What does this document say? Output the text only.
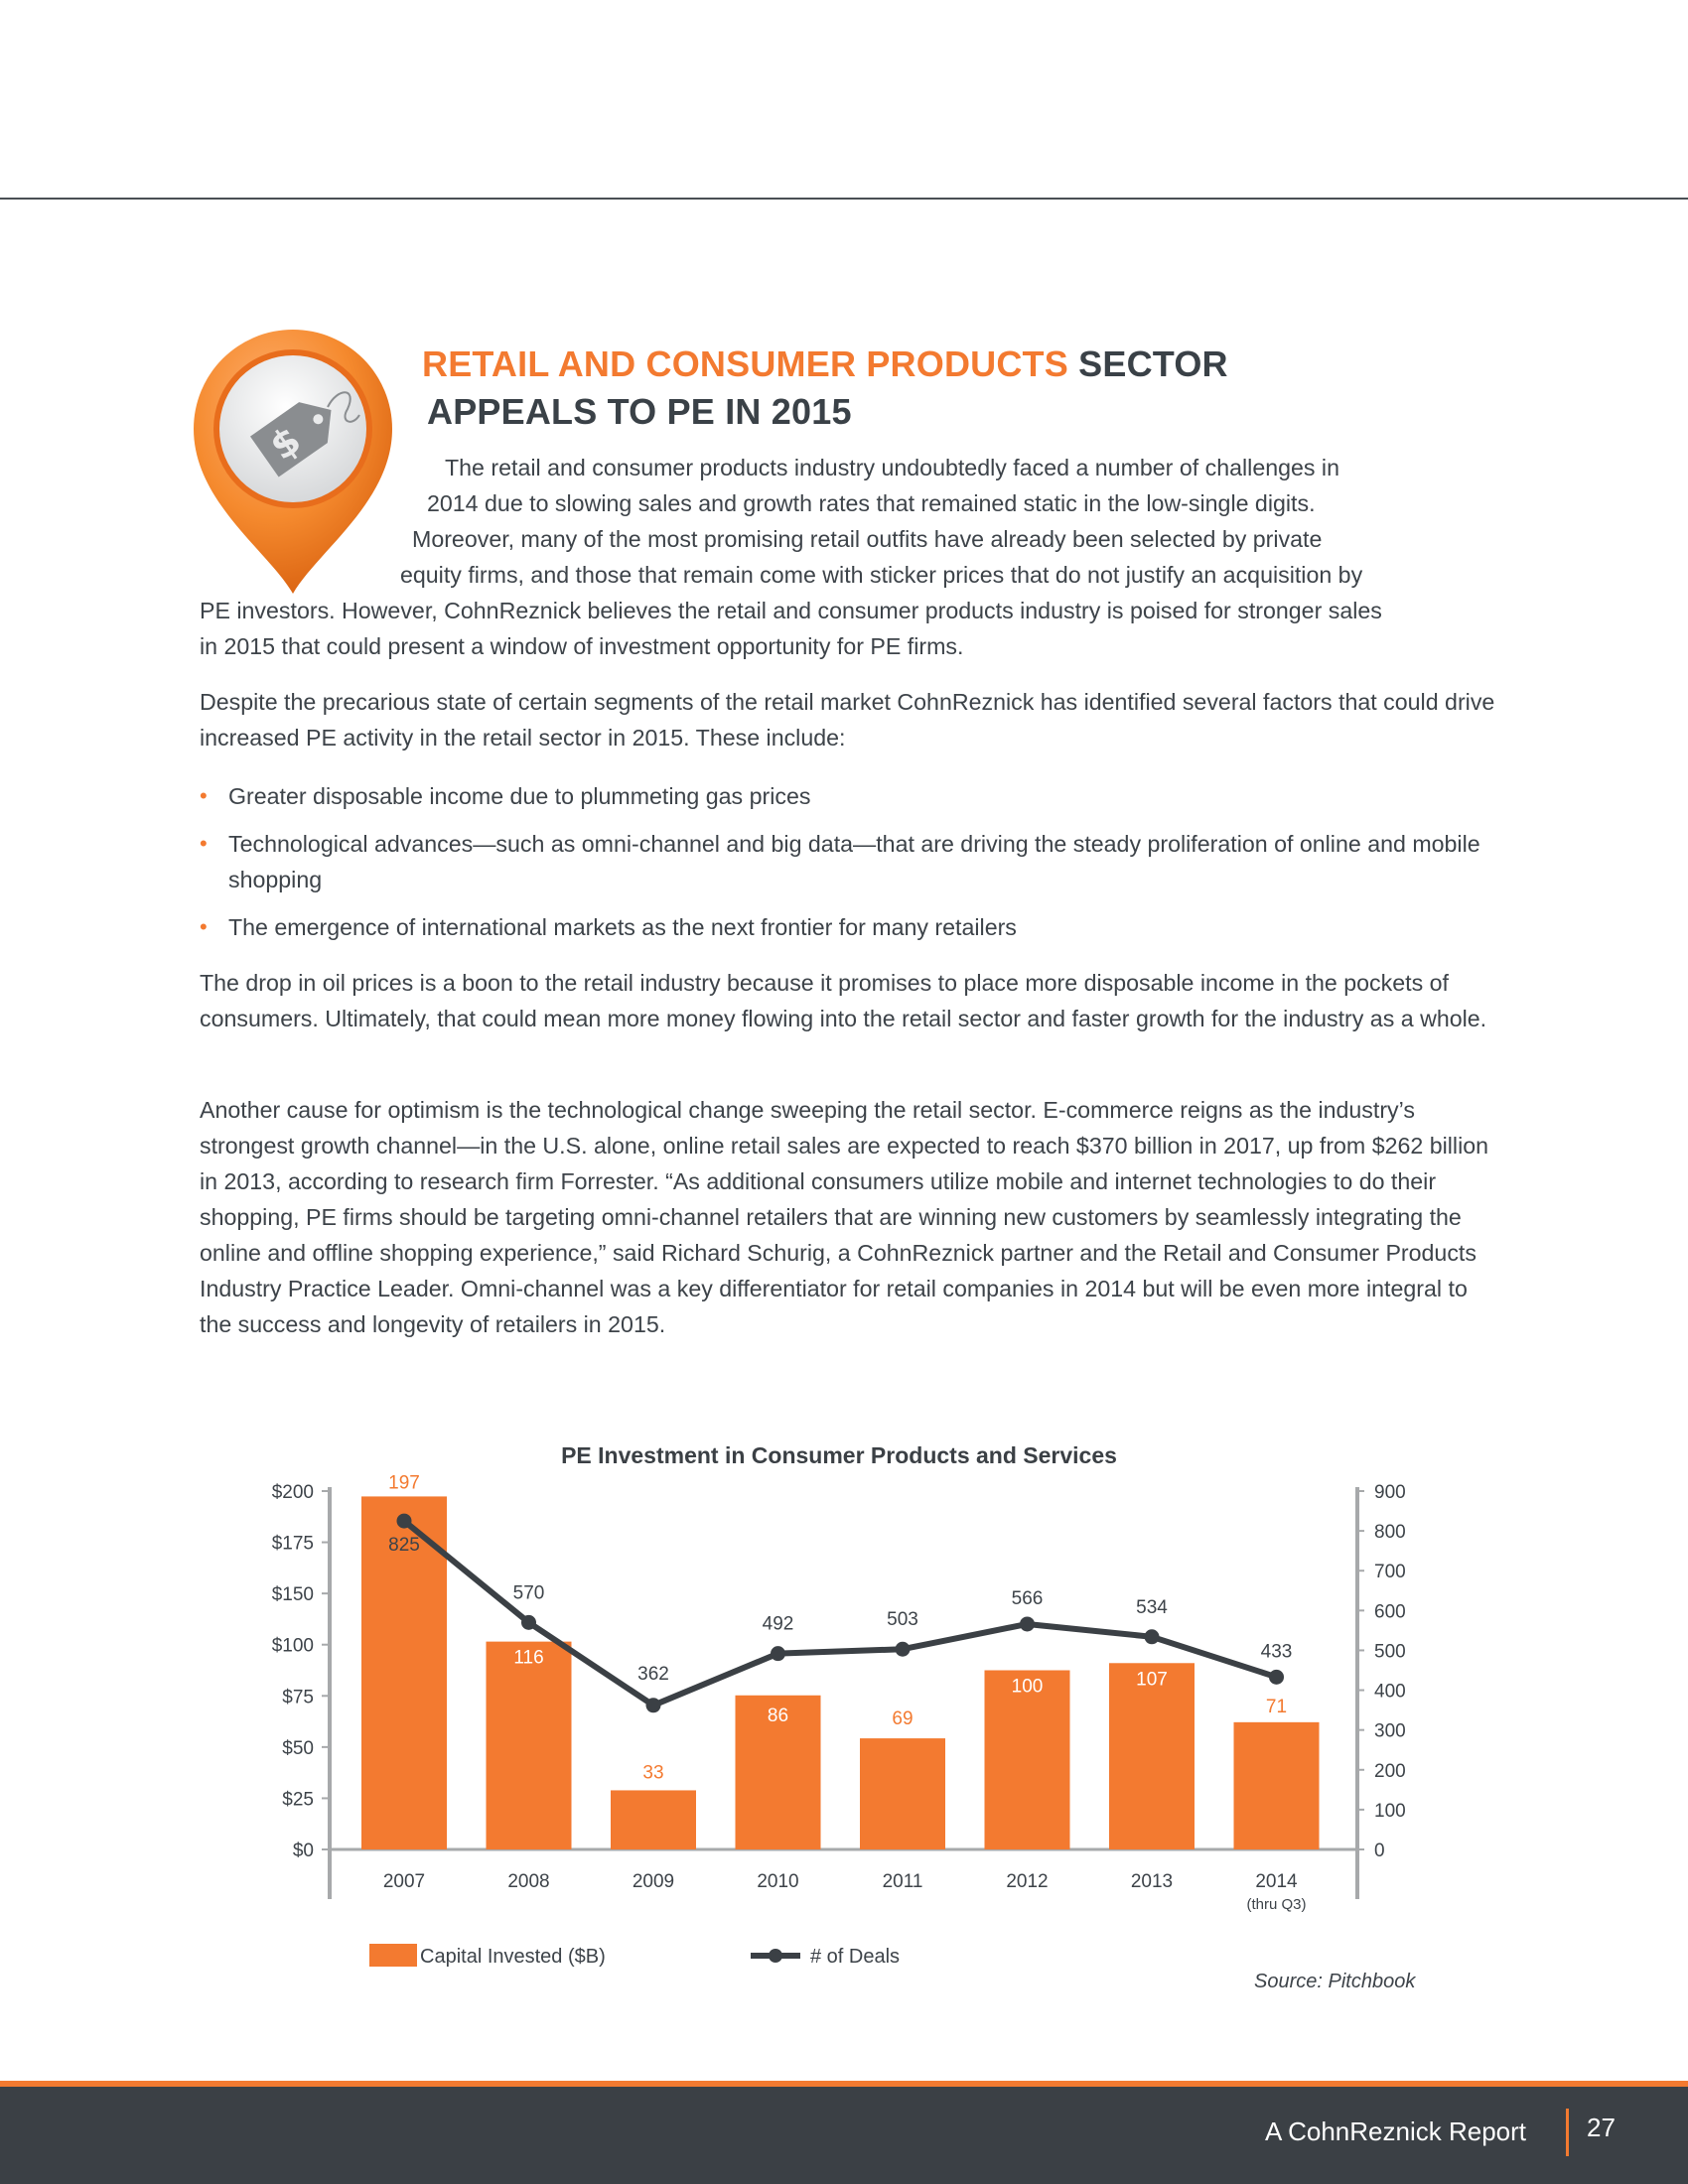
$
RETAIL AND CONSUMER PRODUCTS SECTOR
APPEALS TO PE IN 2015
The retail and consumer products industry undoubtedly faced a number of challenges in
2014 due to slowing sales and growth rates that remained static in the low-single digits.
Moreover, many of the most promising retail outfits have already been selected by private
equity firms, and those that remain come with sticker prices that do not justify an acquisition by
PE investors. However, CohnReznick believes the retail and consumer products industry is poised for stronger sales
in 2015 that could present a window of investment opportunity for PE firms.

Despite the precarious state of certain segments of the retail market CohnReznick has identified several factors that could drive increased PE activity in the retail sector in 2015. These include:

• Greater disposable income due to plummeting gas prices
• Technological advances—such as omni-channel and big data—that are driving the steady proliferation of online and mobile shopping
• The emergence of international markets as the next frontier for many retailers

The drop in oil prices is a boon to the retail industry because it promises to place more disposable income in the pockets of consumers. Ultimately, that could mean more money flowing into the retail sector and faster growth for the industry as a whole.

Another cause for optimism is the technological change sweeping the retail sector. E-commerce reigns as the industry’s strongest growth channel—in the U.S. alone, online retail sales are expected to reach $370 billion in 2017, up from $262 billion in 2013, according to research firm Forrester. “As additional consumers utilize mobile and internet technologies to do their shopping, PE firms should be targeting omni-channel retailers that are winning new customers by seamlessly integrating the online and offline shopping experience,” said Richard Schurig, a CohnReznick partner and the Retail and Consumer Products Industry Practice Leader. Omni-channel was a key differentiator for retail companies in 2014 but will be even more integral to the success and longevity of retailers in 2015.

PE Investment in Consumer Products and Services
$0
$25
$50
$75
$100
$150
$175
$200
0
100
200
300
400
500
600
700
800
900
2007	2008	2009	2010	2011	2012	2013	2014
(thru Q3)
197
116
33
86	69
100	107
71
825
570
362
492	503
566	534
433
Capital Invested ($B)	# of Deals
Source: Pitchbook
A CohnReznick Report 27
